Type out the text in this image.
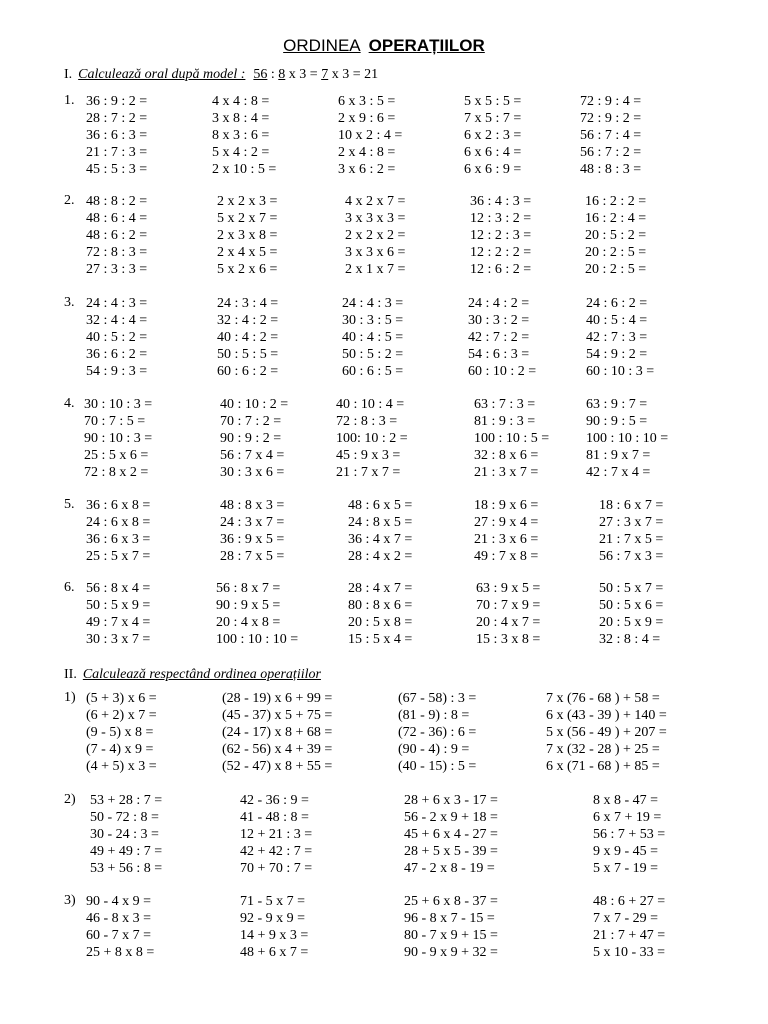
ORDINEA OPERAȚIILOR
I. Calculează oral după model : 56 : 8 x 3 = 7 x 3 = 21
II. Calculează respectând ordinea operațiilor
1. 36 : 9 : 2 =
28 : 7 : 2 =
36 : 6 : 3 =
21 : 7 : 3 =
45 : 5 : 3 =
4 x 4 : 8 =
3 x 8 : 4 =
8 x 3 : 6 =
5 x 4 : 2 =
2 x 10 : 5 =
6 x 3 : 5 =
2 x 9 : 6 =
10 x 2 : 4 =
2 x 4 : 8 =
3 x 6 : 2 =
5 x 5 : 5 =
7 x 5 : 7 =
6 x 2 : 3 =
6 x 6 : 4 =
6 x 6 : 9 =
72 : 9 : 4 =
72 : 9 : 2 =
56 : 7 : 4 =
56 : 7 : 2 =
48 : 8 : 3 =
2. 48 : 8 : 2 =
48 : 6 : 4 =
48 : 6 : 2 =
72 : 8 : 3 =
27 : 3 : 3 =
2 x 2 x 3 =
5 x 2 x 7 =
2 x 3 x 8 =
2 x 4 x 5 =
5 x 2 x 6 =
4 x 2 x 7 =
3 x 3 x 3 =
2 x 2 x 2 =
3 x 3 x 6 =
2 x 1 x 7 =
36 : 4 : 3 =
12 : 3 : 2 =
12 : 2 : 3 =
12 : 2 : 2 =
12 : 6 : 2 =
16 : 2 : 2 =
16 : 2 : 4 =
20 : 5 : 2 =
20 : 2 : 5 =
20 : 2 : 5 =
3. 24 : 4 : 3 =
32 : 4 : 4 =
40 : 5 : 2 =
36 : 6 : 2 =
54 : 9 : 3 =
24 : 3 : 4 =
32 : 4 : 2 =
40 : 4 : 2 =
50 : 5 : 5 =
60 : 6 : 2 =
24 : 4 : 3 =
30 : 3 : 5 =
40 : 4 : 5 =
50 : 5 : 2 =
60 : 6 : 5 =
24 : 4 : 2 =
30 : 3 : 2 =
42 : 7 : 2 =
54 : 6 : 3 =
60 : 10 : 2 =
24 : 6 : 2 =
40 : 5 : 4 =
42 : 7 : 3 =
54 : 9 : 2 =
60 : 10 : 3 =
4. 30 : 10 : 3 =
70 : 7 : 5 =
90 : 10 : 3 =
25 : 5 x 6 =
72 : 8 x 2 =
40 : 10 : 2 =
70 : 7 : 2 =
90 : 9 : 2 =
56 : 7 x 4 =
30 : 3 x 6 =
40 : 10 : 4 =
72 : 8 : 3 =
100: 10 : 2 =
45 : 9 x 3 =
21 : 7 x 7 =
63 : 7 : 3 =
81 : 9 : 3 =
100 : 10 : 5 =
32 : 8 x 6 =
21 : 3 x 7 =
63 : 9 : 7 =
90 : 9 : 5 =
100 : 10 : 10 =
81 : 9 x 7 =
42 : 7 x 4 =
5. 36 : 6 x 8 =
24 : 6 x 8 =
36 : 6 x 3 =
25 : 5 x 7 =
48 : 8 x 3 =
24 : 3 x 7 =
36 : 9 x 5 =
28 : 7 x 5 =
48 : 6 x 5 =
24 : 8 x 5 =
36 : 4 x 7 =
28 : 4 x 2 =
18 : 9 x 6 =
27 : 9 x 4 =
21 : 3 x 6 =
49 : 7 x 8 =
18 : 6 x 7 =
27 : 3 x 7 =
21 : 7 x 5 =
56 : 7 x 3 =
6. 56 : 8 x 4 =
50 : 5 x 9 =
49 : 7 x 4 =
30 : 3 x 7 =
56 : 8 x 7 =
90 : 9 x 5 =
20 : 4 x 8 =
100 : 10 : 10 =
28 : 4 x 7 =
80 : 8 x 6 =
20 : 5 x 8 =
15 : 5 x 4 =
63 : 9 x 5 =
70 : 7 x 9 =
20 : 4 x 7 =
15 : 3 x 8 =
50 : 5 x 7 =
50 : 5 x 6 =
20 : 5 x 9 =
32 : 8 : 4 =
1) (5 + 3) x 6 =
(6 + 2) x 7 =
(9 - 5) x 8 =
(7 - 4) x 9 =
(4 + 5) x 3 =
(28 - 19) x 6 + 99 =
(45 - 37) x 5 + 75 =
(24 - 17) x 8 + 68 =
(62 - 56) x 4 + 39 =
(52 - 47) x 8 + 55 =
(67 - 58) : 3 =
(81 - 9) : 8 =
(72 - 36) : 6 =
(90 - 4) : 9 =
(40 - 15) : 5 =
7 x (76 - 68 ) + 58 =
6 x (43 - 39 ) + 140 =
5 x (56 - 49 ) + 207 =
7 x (32 - 28 ) + 25 =
6 x (71 - 68 ) + 85 =
2) 53 + 28 : 7 =
50 - 72 : 8 =
30 - 24 : 3 =
49 + 49 : 7 =
53 + 56 : 8 =
42 - 36 : 9 =
41 - 48 : 8 =
12 + 21 : 3 =
42 + 42 : 7 =
70 + 70 : 7 =
28 + 6 x 3 - 17 =
56 - 2 x 9 + 18 =
45 + 6 x 4 - 27 =
28 + 5 x 5 - 39 =
47 - 2 x 8 - 19 =
8 x 8 - 47 =
6 x 7 + 19 =
56 : 7 + 53 =
9 x 9 - 45 =
5 x 7 - 19 =
3) 90 - 4 x 9 =
46 - 8 x 3 =
60 - 7 x 7 =
25 + 8 x 8 =
71 - 5 x 7 =
92 - 9 x 9 =
14 + 9 x 3 =
48 + 6 x 7 =
25 + 6 x 8 - 37 =
96 - 8 x 7 - 15 =
80 - 7 x 9 + 15 =
90 - 9 x 9 + 32 =
48 : 6 + 27 =
7 x 7 - 29 =
21 : 7 + 47 =
5 x 10 - 33 =
